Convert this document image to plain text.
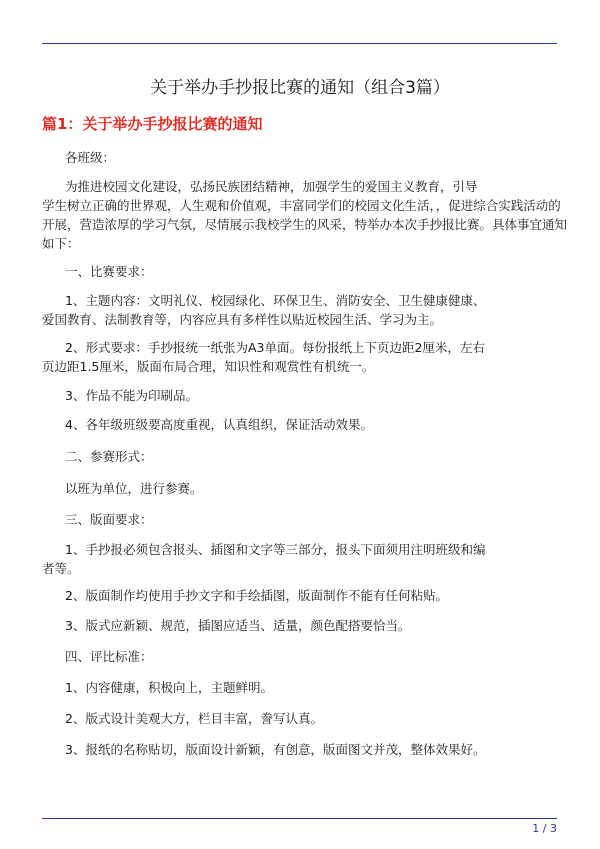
关于举办手抄报比赛的通知（组合3篇）
篇1：关于举办手抄报比赛的通知

各班级：

为推进校园文化建设，弘扬民族团结精神，加强学生的爱国主义教育，引导
学生树立正确的世界观，人生观和价值观，丰富同学们的校园文化生活，，促进综合实践活动的
开展，营造浓厚的学习气氛，尽情展示我校学生的风采，特举办本次手抄报比赛。具体事宜通知
如下：

一、比赛要求：

1、主题内容：文明礼仪、校园绿化、环保卫生、消防安全、卫生健康健康、
爱国教育、法制教育等，内容应具有多样性以贴近校园生活、学习为主。

2、形式要求：手抄报统一纸张为A3单面。每份报纸上下页边距2厘米，左右
页边距1.5厘米，版面布局合理，知识性和观赏性有机统一。

3、作品不能为印刷品。

4、各年级班级要高度重视，认真组织，保证活动效果。

二、参赛形式：

以班为单位，进行参赛。

三、版面要求：

1、手抄报必须包含报头、插图和文字等三部分，报头下面须用注明班级和编
者等。

2、版面制作均使用手抄文字和手绘插图，版面制作不能有任何粘贴。

3、版式应新颖、规范，插图应适当、适量，颜色配搭要恰当。

四、评比标准：

1、内容健康，积极向上，主题鲜明。

2、版式设计美观大方，栏目丰富，誊写认真。

3、报纸的名称贴切，版面设计新颖，有创意，版面图文并茂，整体效果好。

1 / 3
